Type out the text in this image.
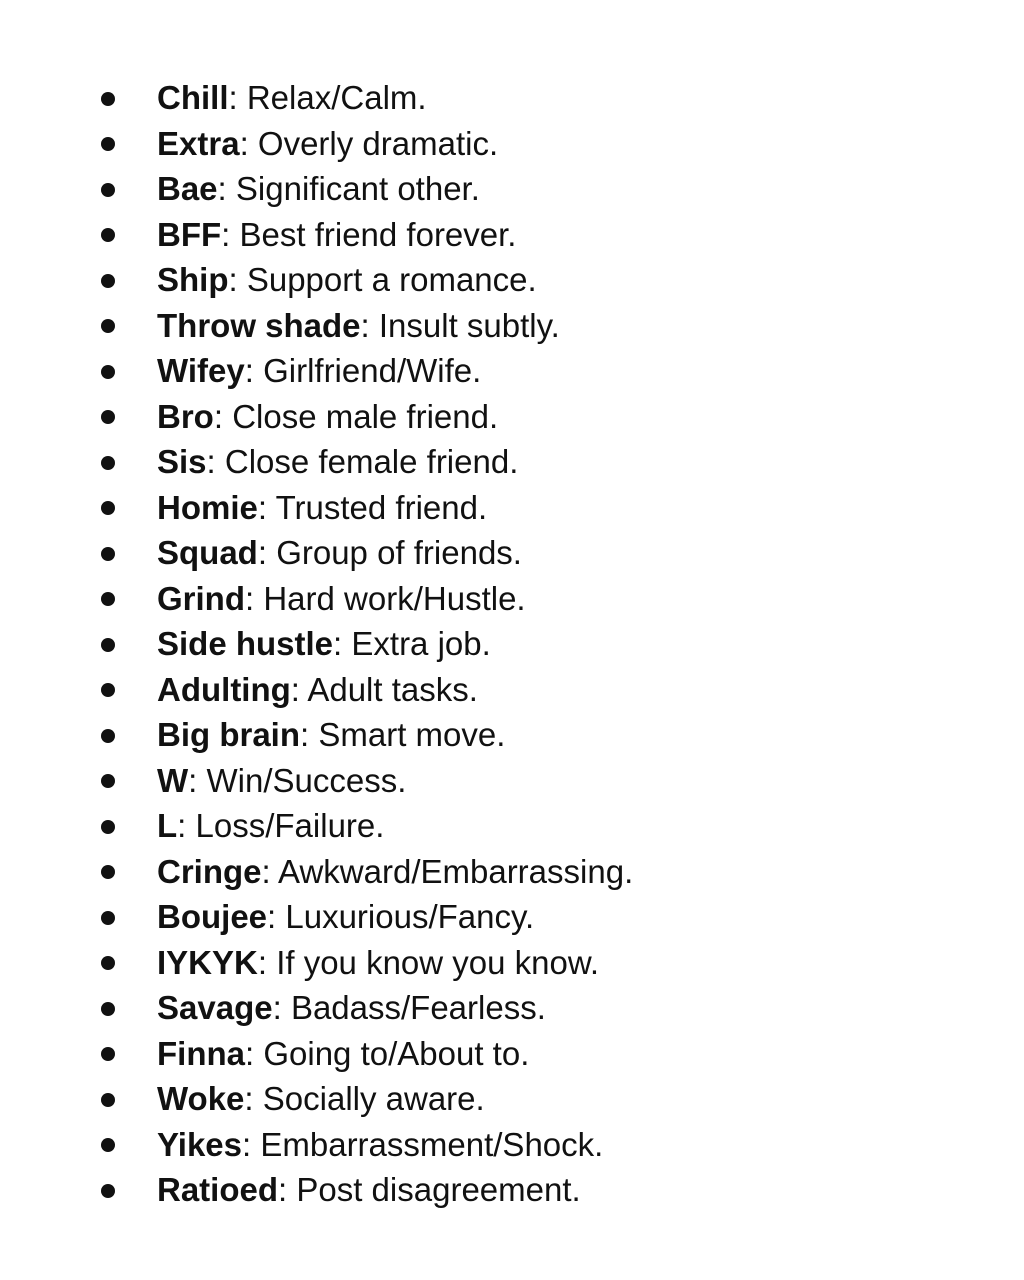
Chill: Relax/Calm.
Extra: Overly dramatic.
Bae: Significant other.
BFF: Best friend forever.
Ship: Support a romance.
Throw shade: Insult subtly.
Wifey: Girlfriend/Wife.
Bro: Close male friend.
Sis: Close female friend.
Homie: Trusted friend.
Squad: Group of friends.
Grind: Hard work/Hustle.
Side hustle: Extra job.
Adulting: Adult tasks.
Big brain: Smart move.
W: Win/Success.
L: Loss/Failure.
Cringe: Awkward/Embarrassing.
Boujee: Luxurious/Fancy.
IYKYK: If you know you know.
Savage: Badass/Fearless.
Finna: Going to/About to.
Woke: Socially aware.
Yikes: Embarrassment/Shock.
Ratioed: Post disagreement.
